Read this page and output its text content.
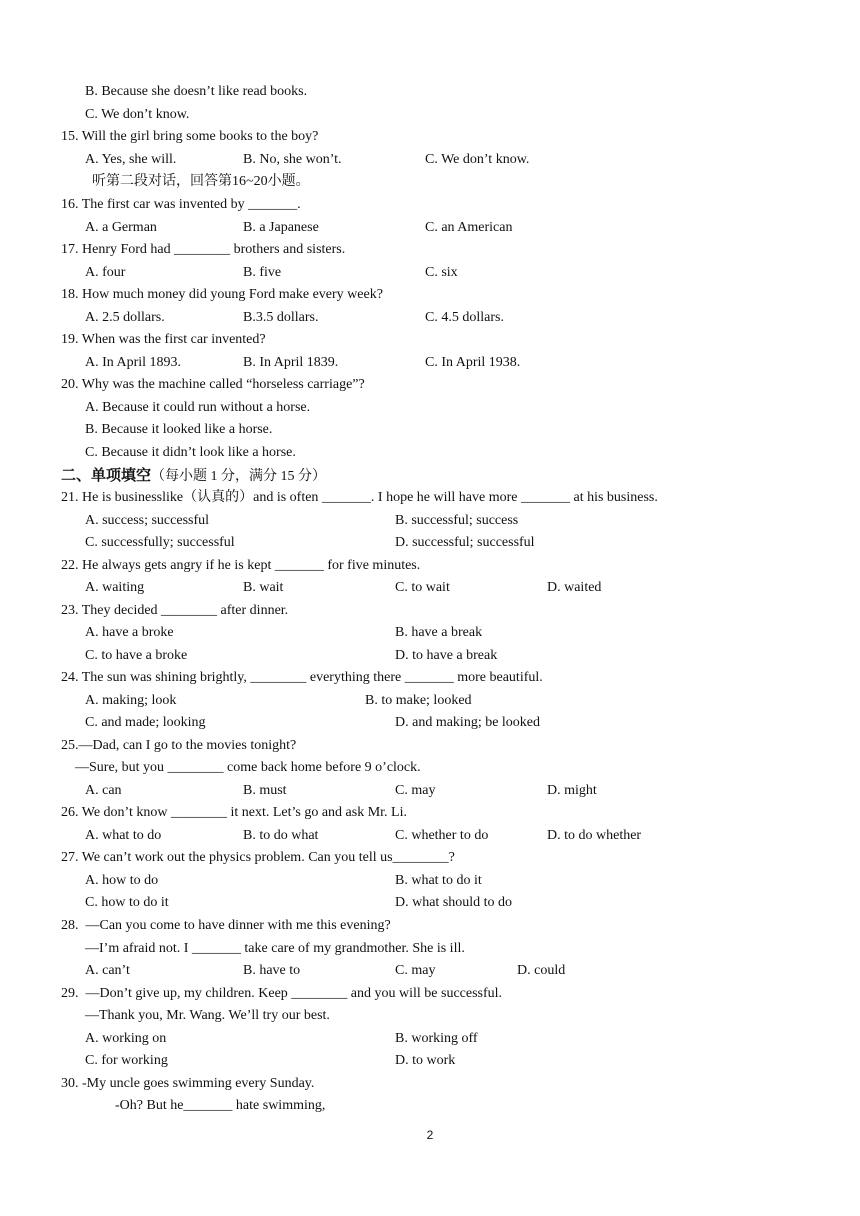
B. Because she doesn’t like read books.
C. We don’t know.
15. Will the girl bring some books to the boy?
A. Yes, she will.	B. No, she won’t.	C. We don’t know.
听第二段对话，回答第16~20小题。
16. The first car was invented by _______.
A. a German	B. a Japanese	C. an American
17. Henry Ford had ________ brothers and sisters.
A. four	B. five	C. six
18. How much money did young Ford make every week?
A. 2.5 dollars.	B.3.5 dollars.	C. 4.5 dollars.
19. When was the first car invented?
A. In April 1893.	B. In April 1839.	C. In April 1938.
20. Why was the machine called “horseless carriage”?
A. Because it could run without a horse.
B. Because it looked like a horse.
C. Because it didn’t look like a horse.
二、单项填空（每小题 1 分，满分 15 分）
21. He is businesslike（认真的）and is often _______. I hope he will have more _______ at his business.
A. success; successful	B. successful; success
C. successfully; successful	D. successful; successful
22. He always gets angry if he is kept _______ for five minutes.
A. waiting	B. wait	C. to wait	D. waited
23. They decided ________ after dinner.
A. have a broke	B. have a break
C. to have a broke	D. to have a break
24. The sun was shining brightly, ________ everything there _______ more beautiful.
A. making; look	B. to make; looked
C. and made; looking	D. and making; be looked
25.—Dad, can I go to the movies tonight?
—Sure, but you ________ come back home before 9 o’clock.
A. can	B. must	C. may	D. might
26. We don’t know ________ it next. Let’s go and ask Mr. Li.
A. what to do	B. to do what	C. whether to do	D. to do whether
27. We can’t work out the physics problem. Can you tell us________?
A. how to do	B. what to do it
C. how to do it	D. what should to do
28.  —Can you come to have dinner with me this evening?
—I’m afraid not. I _______ take care of my grandmother. She is ill.
A. can’t	B. have to	C. may	D. could
29.  —Don’t give up, my children. Keep ________ and you will be successful.
—Thank you, Mr. Wang. We’ll try our best.
A. working on	B. working off
C. for working	D. to work
30. -My uncle goes swimming every Sunday.
-Oh? But he_______ hate swimming,
2
